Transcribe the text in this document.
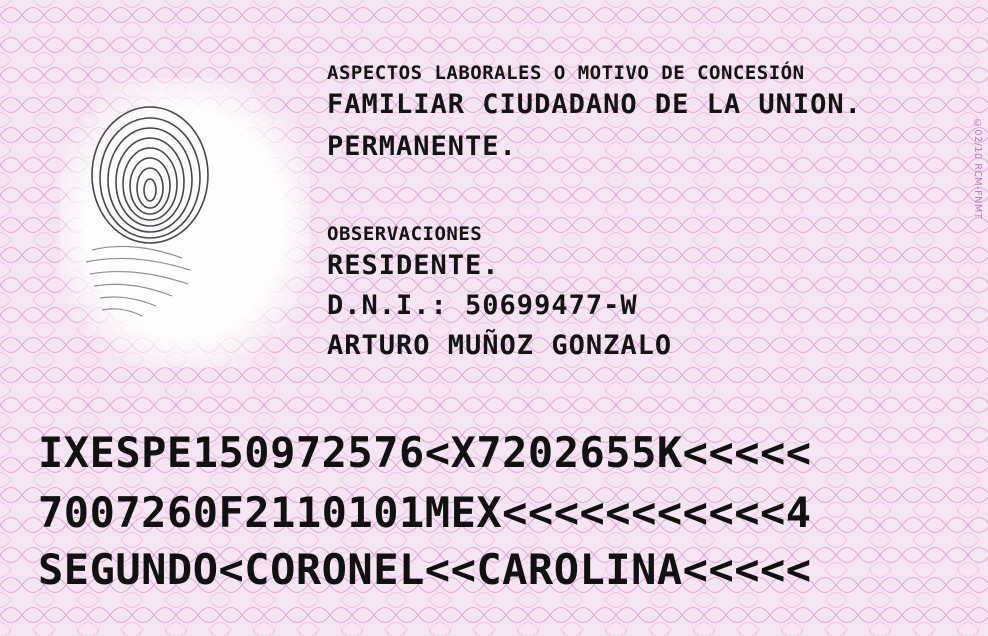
ASPECTOS LABORALES O MOTIVO DE CONCESIÓN
FAMILIAR CIUDADANO DE LA UNION.
PERMANENTE.
OBSERVACIONES
RESIDENTE.
D.N.I.: 50699477-W
ARTURO MUÑOZ GONZALO
©02/10 RCM-FNMT
IXESPE150972576<X7202655K<<<<<
7007260F2110101MEX<<<<<<<<<<<4
SEGUNDO<CORONEL<<CAROLINA<<<<<
